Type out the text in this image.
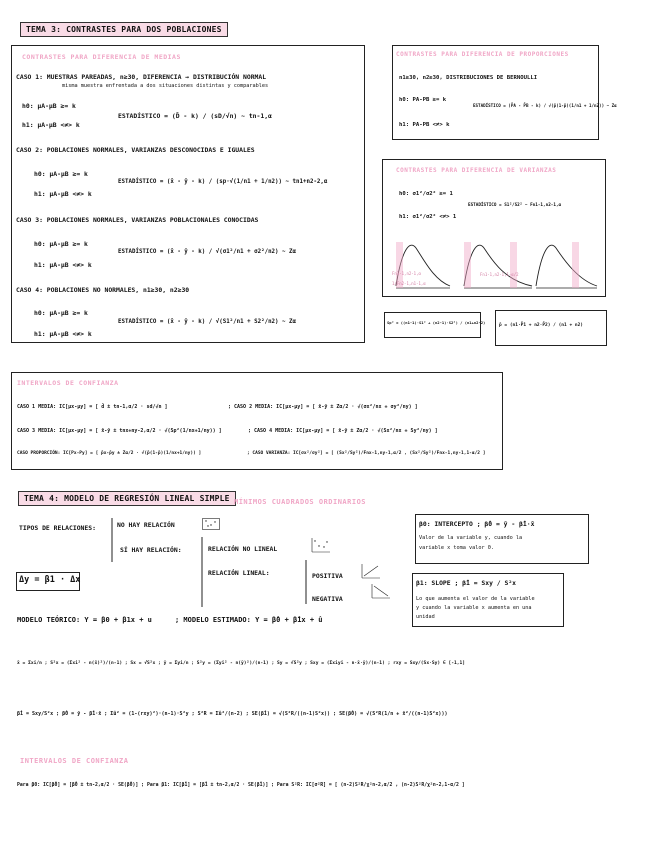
TEMA 3: CONTRASTES PARA DOS POBLACIONES
CONTRASTES PARA DIFERENCIA DE MEDIAS
CASO 1: MUESTRAS PAREADAS, n≥30, DIFERENCIA → DISTRIBUCIÓN NORMAL
misma muestra enfrentada a dos situaciones distintas y comparables
h0: μA-μB ≥= k
h1: μA-μB <≠> k
ESTADÍSTICO = (D̄ - k) / (sD/√n) ~ tn-1,α
CASO 2: POBLACIONES NORMALES, VARIANZAS DESCONOCIDAS E IGUALES
h0: μA-μB ≥= k
h1: μA-μB <≠> k
ESTADÍSTICO = (x̄ - ȳ - k) / (sp·√(1/n1 + 1/n2)) ~ tn1+n2-2,α
CASO 3: POBLACIONES NORMALES, VARIANZAS POBLACIONALES CONOCIDAS
h0: μA-μB ≥= k
h1: μA-μB <≠> k
ESTADÍSTICO = (x̄ - ȳ - k) / √(σ1²/n1 + σ2²/n2) ~ Zα
CASO 4: POBLACIONES NO NORMALES, n1≥30, n2≥30
h0: μA-μB ≥= k
h1: μA-μB <≠> k
ESTADÍSTICO = (x̄ - ȳ - k) / √(S1²/n1 + S2²/n2) ~ Zα
CONTRASTES PARA DIFERENCIA DE PROPORCIONES
n1≥30, n2≥30, DISTRIBUCIONES DE BERNOULLI
h0: PA-PB ≥= k
h1: PA-PB <≠> k
ESTADÍSTICO = (P̂A - P̂B - k) / √(p̂(1-p̂)(1/n1 + 1/n2)) ~ Zα
CONTRASTES PARA DIFERENCIA DE VARIANZAS
h0: σ1²/σ2² ≥= 1
h1: σ1²/σ2² <≠> 1
ESTADÍSTICO = S1²/S2² ~ Fn1-1,n2-1,α
Fn1-1,n2-1,α
1/Fn2-1,n1-1,α
Fn1-1,n2-1,1-α/2
Sp² = ((n1-1)·S1² + (n2-1)·S2²) / (n1+n2-2)
p̂ = (n1·P̂1 + n2·P̂2) / (n1 + n2)
INTERVALOS DE CONFIANZA
CASO 1 MEDIA: IC[μx-μy] = [ d̄ ± tn-1,α/2 · sd/√n ]	; CASO 2 MEDIA: IC[μx-μy] = [ x̄-ȳ ± Zα/2 · √(σx²/nx + σy²/ny) ]
CASO 3 MEDIA: IC[μx-μy] = [ x̄-ȳ ± tnx+ny-2,α/2 · √(Sp²(1/nx+1/ny)) ]	; CASO 4 MEDIA: IC[μx-μy] = [ x̄-ȳ ± Zα/2 · √(Sx²/nx + Sy²/ny) ]
CASO PROPORCIÓN: IC[Px-Py] = [ p̂x-p̂y ± Zα/2 · √(p̂(1-p̂)(1/nx+1/ny)) ]	; CASO VARIANZA: IC[σx²/σy²] = [ (Sx²/Sy²)/Fnx-1,ny-1,α/2 , (Sx²/Sy²)/Fnx-1,ny-1,1-α/2 ]
TEMA 4: MODELO DE REGRESIÓN LINEAL SIMPLE MÍNIMOS CUADRADOS ORDINARIOS
TIPOS DE RELACIONES:	NO HAY RELACIÓN
SÍ HAY RELACIÓN:	RELACIÓN NO LINEAL
RELACIÓN LINEAL:	POSITIVA
NEGATIVA
Δy = β1 · Δx
β0: INTERCEPTO ; β̂0 = ȳ - β̂1·x̄
Valor de la variable y, cuando la
variable x toma valor 0.
β1: SLOPE ; β̂1 = Sxy / S²x
Lo que aumenta el valor de la variable
y cuando la variable x aumenta en una
unidad
MODELO TEÓRICO: Y = β0 + β1x + u	; MODELO ESTIMADO: Y = β̂0 + β̂1x + û
x̄ = Σxi/n ; S²x = (Σxi² - n(x̄)²)/(n-1) ; Sx = √S²x ; ȳ = Σyi/n ; S²y = (Σyi² - n(ȳ)²)/(n-1) ; Sy = √S²y ; Sxy = (Σxiyi - n·x̄·ȳ)/(n-1) ; rxy = Sxy/(Sx·Sy) ∈ [-1,1]
β̂1 = Sxy/S²x ; β̂0 = ȳ - β̂1·x̄ ; Σû² = (1-(rxy)²)·(n-1)·S²y ; S²R = Σû²/(n-2) ; SE(β̂1) = √(S²R/((n-1)S²x)) ; SE(β̂0) = √(S²R(1/n + x̄²/((n-1)S²x)))
INTERVALOS DE CONFIANZA
Para β0: IC[β̂0] = [β̂0 ± tn-2,α/2 · SE(β̂0)] ; Para β1: IC[β̂1] = [β̂1 ± tn-2,α/2 · SE(β̂1)] ; Para S²R: IC[σ²R] = [ (n-2)S²R/χ²n-2,α/2 , (n-2)S²R/χ²n-2,1-α/2 ]
